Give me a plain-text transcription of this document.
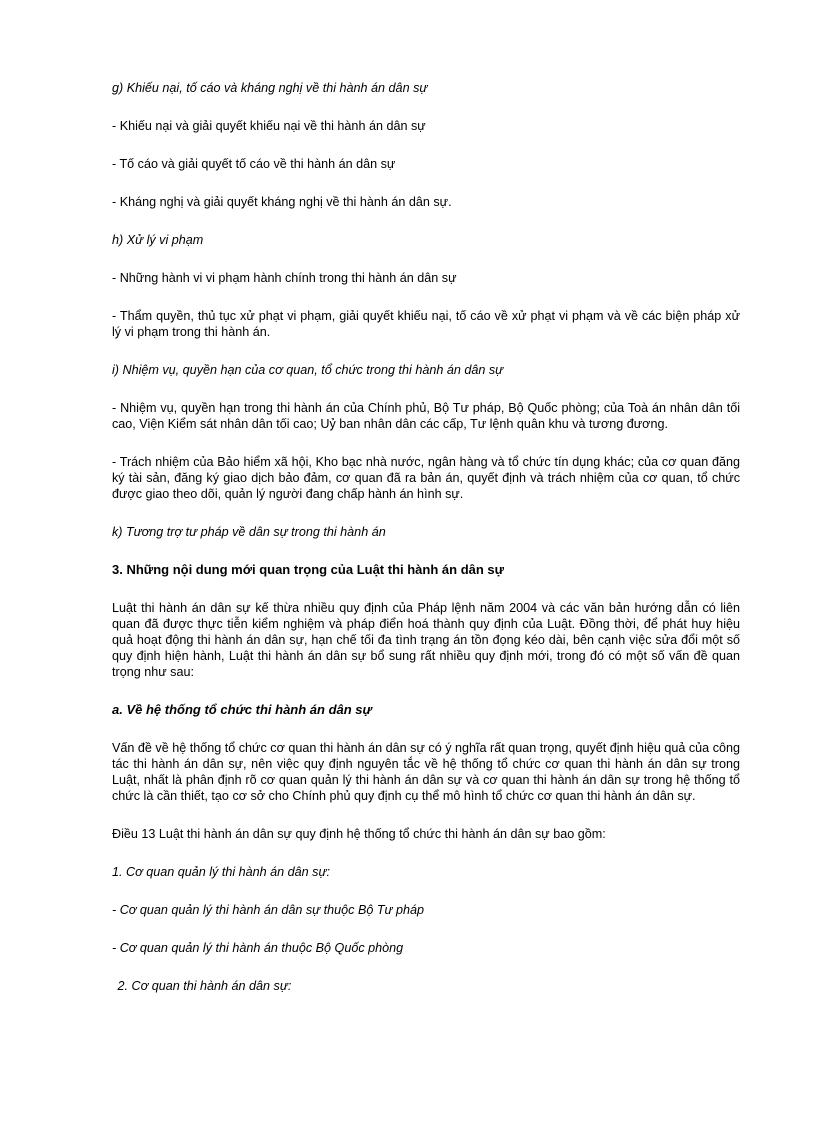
g) Khiếu nại, tố cáo và kháng nghị về thi hành án dân sự

- Khiếu nại và giải quyết khiếu nại về thi hành án dân sự

- Tố cáo và giải quyết tố cáo về thi hành án dân sự

- Kháng nghị và giải quyết kháng nghị về thi hành án dân sự.

h) Xử lý vi phạm

- Những hành vi vi phạm hành chính trong thi hành án dân sự

- Thẩm quyền, thủ tục xử phạt vi phạm, giải quyết khiếu nại, tố cáo về xử phạt vi phạm và về các biện pháp xử lý vi phạm trong thi hành án.

i) Nhiệm vụ, quyền hạn của cơ quan, tổ chức trong thi hành án dân sự

- Nhiệm vụ, quyền hạn trong thi hành án của Chính phủ, Bộ Tư pháp, Bộ Quốc phòng; của Toà án nhân dân tối cao, Viện Kiểm sát nhân dân tối cao; Uỷ ban nhân dân các cấp, Tư lệnh quân khu và tương đương.

- Trách nhiệm của Bảo hiểm xã hội, Kho bạc nhà nước, ngân hàng và tổ chức tín dụng khác; của cơ quan đăng ký tài sản, đăng ký giao dịch bảo đảm, cơ quan đã ra bản án, quyết định và trách nhiệm của cơ quan, tổ chức được giao theo dõi, quản lý người đang chấp hành án hình sự.

k) Tương trợ tư pháp về dân sự trong thi hành án

3. Những nội dung mới quan trọng của Luật thi hành án dân sự

Luật thi hành án dân sự kế thừa nhiều quy định của Pháp lệnh năm 2004 và các văn bản hướng dẫn có liên quan đã được thực tiễn kiểm nghiệm và pháp điển hoá thành quy định của Luật. Đồng thời, để phát huy hiệu quả hoạt động thi hành án dân sự, hạn chế tối đa tình trạng án tồn đọng kéo dài, bên cạnh việc sửa đổi một số quy định hiện hành, Luật thi hành án dân sự bổ sung rất nhiều quy định mới, trong đó có một số vấn đề quan trọng như sau:

a. Về hệ thống tổ chức thi hành án dân sự

Vấn đề về hệ thống tổ chức cơ quan thi hành án dân sự có ý nghĩa rất quan trọng, quyết định hiệu quả của công tác thi hành án dân sự, nên việc quy định nguyên tắc về hệ thống tổ chức cơ quan thi hành án dân sự trong Luật, nhất là phân định rõ cơ quan quản lý thi hành án dân sự và cơ quan thi hành án dân sự trong hệ thống tổ chức là cần thiết, tạo cơ sở cho Chính phủ quy định cụ thể mô hình tổ chức cơ quan thi hành án dân sự.

Điều 13 Luật thi hành án dân sự quy định hệ thống tổ chức thi hành án dân sự bao gồm:

1. Cơ quan quản lý thi hành án dân sự:

- Cơ quan quản lý thi hành án dân sự thuộc Bộ Tư pháp

- Cơ quan quản lý thi hành án thuộc Bộ Quốc phòng

2. Cơ quan thi hành án dân sự:
